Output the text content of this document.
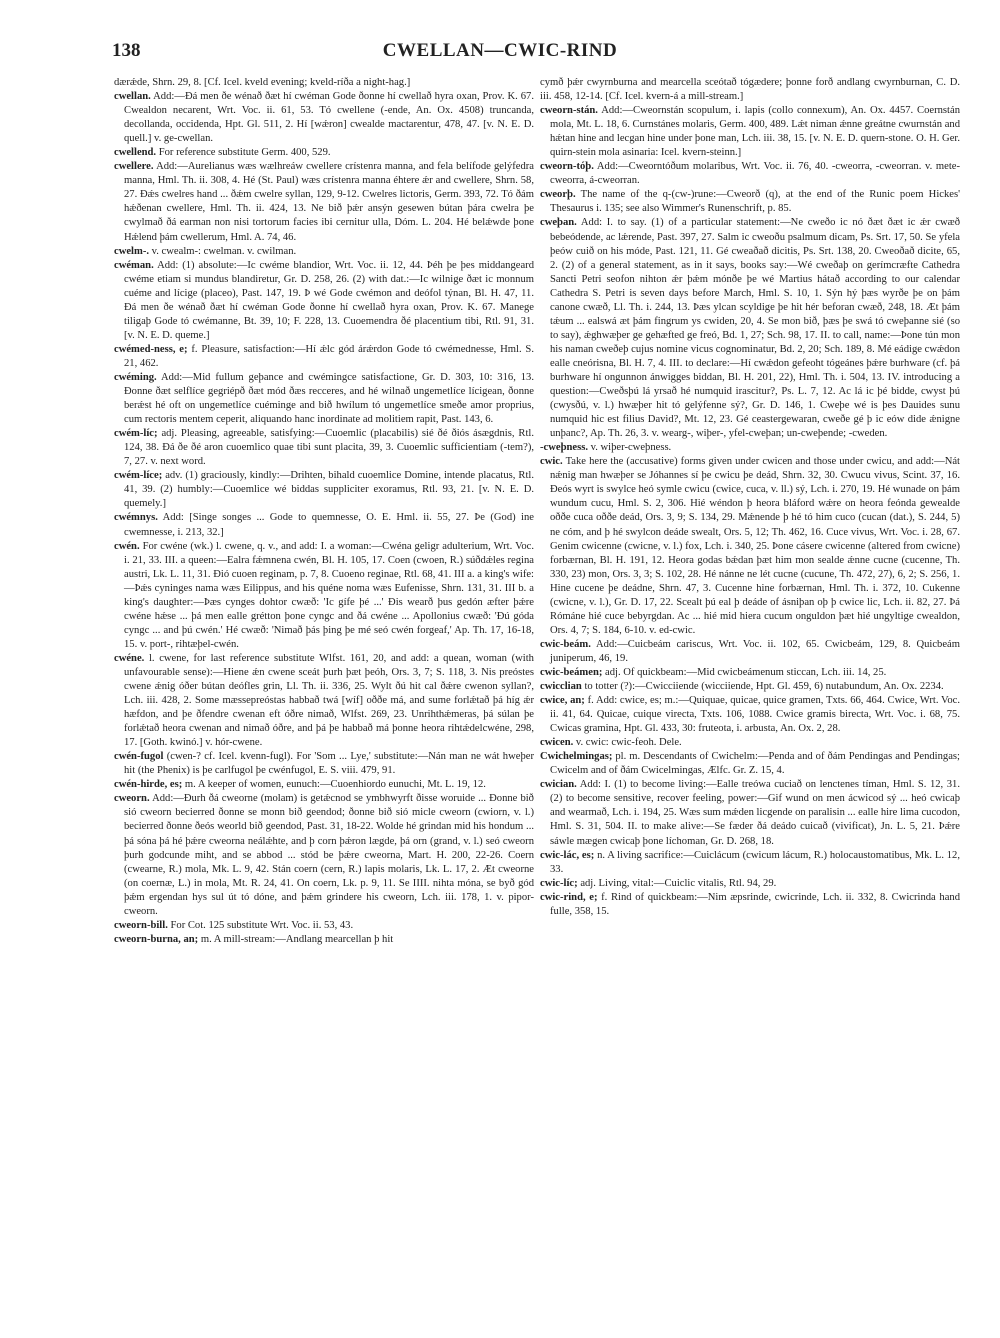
138	CWELLAN—CWIC-RIND

dærǽde, Shrn. 29, 8. [Cf. Icel. kveld evening; kveld-ríða a night-hag.]

cwellan. Add:—Ðá men ðe wénað ðæt hí cwéman Gode ðonne hí cwellað hyra oxan, Prov. K. 67. Cwealdon necarent, Wrt. Voc. ii. 61, 53. Tó cwellene (-ende, An. Ox. 4508) truncanda, decollanda, occidenda, Hpt. Gl. 511, 2. Hí [wǽron] cwealde mactarentur, 478, 47. [v. N. E. D. quell.] v. ge-cwellan.

cwellend. For reference substitute Germ. 400, 529.

cwellere. Add:—Aurelianus wæs wælhreáw cwellere crístenra manna, and fela belífode gelýfedra manna, Hml. Th. ii. 308, 4. Hé (St. Paul) wæs crístenra manna éhtere ǽr and cwellere, Shrn. 58, 27. Ðǽs cwelres hand ... ðǽm cwelre syllan, 129, 9-12. Cwelres lictoris, Germ. 393, 72. Tó ðám hǽðenan cwellere, Hml. Th. ii. 424, 13. Ne bið þǽr ansýn gesewen bútan þára cwelra þe cwylmað ðá earman non nisi tortorum facies ibi cernitur ulla, Dóm. L. 204. Hé belǽwde þone Hǽlend þám cwellerum, Hml. A. 74, 46.

cwelm-. v. cwealm-: cwelman. v. cwilman.

cwéman. Add: (1) absolute:—Ic cwéme blandior, Wrt. Voc. ii. 12, 44. Þéh þe þes middangeard cwéme etiam si mundus blandiretur, Gr. D. 258, 26. (2) with dat.:—Ic wilnige ðæt ic monnum cuéme and lícige (placeo), Past. 147, 19. Þ wé Gode cwémon and deófol týnan, Bl. H. 47, 11. Ðá men ðe wénað ðæt hí cwéman Gode ðonne hí cwellað hyra oxan, Prov. K. 67. Manege tiligaþ Gode tó cwémanne, Bt. 39, 10; F. 228, 13. Cuoemendra ðé placentium tibi, Rtl. 91, 31. [v. N. E. D. queme.]

cwémed-ness, e; f. Pleasure, satisfaction:—Hí ǽlc gód árǽrdon Gode tó cwémednesse, Hml. S. 21, 462.

cwéming. Add:—Mid fullum geþance and cwémingce satisfactione, Gr. D. 303, 10: 316, 13. Ðonne ðæt selflíce gegriépð ðæt mód ðæs recceres, and hé wilnað ungemetlíce lícigean, ðonne berǽst hé oft on ungemetlíce cuéminge and bið hwílum tó ungemetlíce smeðe amor proprius, cum rectoris mentem ceperit, aliquando hanc inordinate ad molitiem rapit, Past. 143, 6.

cwém-líc; adj. Pleasing, agreeable, satisfying:—Cuoemlic (placabilis) sié ðé ðiós ásægdnis, Rtl. 124, 38. Ðá ðe ðé aron cuoemlico quae tibi sunt placita, 39, 3. Cuoemlic sufficientiam (-tem?), 7, 27. v. next word.

cwém-líce; adv. (1) graciously, kindly:—Drihten, bihald cuoemlice Domine, intende placatus, Rtl. 41, 39. (2) humbly:—Cuoemlice wé biddas suppliciter exoramus, Rtl. 93, 21. [v. N. E. D. quemely.]

cwémnys. Add: [Singe songes ... Gode to quemnesse, O. E. Hml. ii. 55, 27. Þe (God) ine cwemnesse, i. 213, 32.]

cwén. For cwéne (wk.) l. cwene, q. v., and add: I. a woman:—Cwéna geligr adulterium, Wrt. Voc. i. 21, 33. III. a queen:—Ealra fǽmnena cwén, Bl. H. 105, 17. Coen (cwoen, R.) súðdǽles regina austri, Lk. L. 11, 31. Ðió cuoen reginam, p. 7, 8. Cuoeno reginae, Rtl. 68, 41. III a. a king's wife:—Þǽs cyninges nama wæs Eilippus, and his quéne noma wæs Eufenisse, Shrn. 131, 31. III b. a king's daughter:—Þæs cynges dohtor cwæð: 'Ic gífe þé ...' Ðis wearð þus gedón æfter þǽre cwéne hǽse ... þá men ealle grétton þone cyngc and ðá cwéne ... Apollonius cwæð: 'Ðú góda cyngc ... and þú cwén.' Hé cwæð: 'Nimað þás þing þe mé seó cwén forgeaf,' Ap. Th. 17, 16-18, 15. v. port-, rihtæþel-cwén.

cwéne. l. cwene, for last reference substitute Wlfst. 161, 20, and add: a quean, woman (with unfavourable sense):—Hiene ǽn cwene sceát þurh þæt þeóh, Ors. 3, 7; S. 118, 3. Nis preóstes cwene ǽnig óðer bútan deófles grin, Ll. Th. ii. 336, 25. Wylt ðú hit cal ðǽre cwenon syllan?, Lch. iii. 428, 2. Some mæssepreóstas habbað twá [wíf] oððe má, and sume forlǽtað þá híg ǽr hæfdon, and þe ðfendre cwenan eft óðre nimað, Wlfst. 269, 23. Unrihthǽmeras, þá súlan þe forlǽtað heora cwenan and nimað óðre, and þá þe habbað má þonne heora rihtǽdelcwéne, 298, 17. [Goth. kwinó.] v. hór-cwene.

cwén-fugol (cwen-? cf. Icel. kvenn-fugl). For 'Som ... Lye,' substitute:—Nán man ne wát hweþer hit (the Phenix) is þe carlfugol þe cwénfugol, E. S. viii. 479, 91.

cwén-hirde, es; m. A keeper of women, eunuch:—Cuoenhiordo eunuchi, Mt. L. 19, 12.

cweorn. Add:—Ðurh ðá cweorne (molam) is getǽcnod se ymbhwyrft ðisse woruide ... Ðonne bið sió cweorn becierred ðonne se monn bið geendod; ðonne bið sió micle cweorn (cwiorn, v. l.) becierred ðonne ðeós weorld bið geendod, Past. 31, 18-22. Wolde hé grindan mid his hondum ... þá sóna þá hé þǽre cweorna neálǽhte, and þ corn þǽron lægde, þá orn (grand, v. l.) seó cweorn þurh godcunde miht, and se abbod ... stód be þǽre cweorna, Mart. H. 200, 22-26. Coern (cwearne, R.) mola, Mk. L. 9, 42. Stán coern (cern, R.) lapis molaris, Lk. L. 17, 2. Æt cweorne (on coernæ, L.) in mola, Mt. R. 24, 41. On coern, Lk. p. 9, 11. Se IIII. nihta mónа, se byð gód þǽm ergendan hys sul út tó dóne, and þǽm grinderе his cweorn, Lch. iii. 178, 1. v. pipor-cweorn.

cweorn-bill. For Cot. 125 substitute Wrt. Voc. ii. 53, 43.

cweorn-burna, an; m. A mill-stream:—Andlang mearcellan þ hit

cymð þǽr cwyrnburna and mearcella sceótað tógædere; þonne forð andlang cwyrnburnan, C. D. iii. 458, 12-14. [Cf. Icel. kvern-á a mill-stream.]

cweorn-stán. Add:—Cweornstán scopulum, i. lapis (collo connexum), An. Ox. 4457. Coernstán mola, Mt. L. 18, 6. Curnstánes molaris, Germ. 400, 489. Lǽt niman ǽnne greátne cwurnstán and hǽtan hine and lecgan hine under þone man, Lch. iii. 38, 15. [v. N. E. D. quern-stone. O. H. Ger. quirn-stein mola asinaria: Icel. kvern-steinn.]

cweorn-tóþ. Add:—Cweorntóðum molaribus, Wrt. Voc. ii. 76, 40. -cweorra, -cweorran. v. mete-cweorra, á-cweorran.

cweorþ. The name of the q-(cw-)rune:—Cweorð (q), at the end of the Runic poem Hickes' Thesaurus i. 135; see also Wimmer's Runenschrift, p. 85.

cweþan. Add: I. to say. (1) of a particular statement:—Ne cweðo ic nó ðæt ðæt ic ǽr cwæð bebeódende, ac lǽrende, Past. 397, 27. Salm ic cweoðu psalmum dicam, Ps. Srt. 17, 50. Se yfela þeów cuið on his móde, Past. 121, 11. Gé cweaðað dicitis, Ps. Srt. 138, 20. Cweoðað dicite, 65, 2. (2) of a general statement, as in it says, books say:—Wé cweðaþ on gerímcræfte Cathedra Sancti Petri seofon nihton ǽr þǽm mónðe þe wé Martius hátað according to our calendar Cathedra S. Petri is seven days before March, Hml. S. 10, 1. Sýn hý þæs wyrðe þe on þám canone cwæð, Ll. Th. i. 244, 13. Þæs ylcan scyldige þe hit hér beforan cwæð, 248, 18. Æt þám tǽum ... ealswá æt þám fingrum ys cwiden, 20, 4. Se mon bið, þæs þe swá tó cweþanne sié (so to say), ǽghwæþer ge gehæfted ge freó, Bd. 1, 27; Sch. 98, 17. II. to call, name:—Þone tún mon his naman cweðeþ cujus nomine vicus cognominatur, Bd. 2, 20; Sch. 189, 8. Mé eádige cwǽdon ealle cneórisna, Bl. H. 7, 4. III. to declare:—Hí cwǽdon gefeoht tógeánes þǽre burhware (cf. þá burhware hí ongunnon ánwigges biddan, Bl. H. 201, 22), Hml. Th. i. 504, 13. IV. introducing a question:—Cweðsþú lá yrsað hé numquid irascitur?, Ps. L. 7, 12. Ac lá ic þé bidde, cwyst þú (cwysðú, v. l.) hwæþer hit tó gelýfenne sý?, Gr. D. 146, 1. Cweþe wé is þes Dauides sunu numquid hic est filius David?, Mt. 12, 23. Gé ceastergewaran, cweðe gé þ ic eów dide ǽnigne unþanc?, Ap. Th. 26, 3. v. wearg-, wiþer-, yfel-cweþan; un-cweþende; -cweden.

-cweþness. v. wiþer-cweþness.

cwic. Take here the (accusative) forms given under cwicen and those under cwicu, and add:—Nát nǽnig man hwæþer se Jóhannes sí þe cwicu þe deád, Shrn. 32, 30. Cwucu vivus, Scint. 37, 16. Ðeós wyrt is swylce heó symle cwicu (cwice, cuca, v. ll.) sý, Lch. i. 270, 19. Hé wunade on þám wundum cucu, Hml. S. 2, 306. Hié wéndon þ heora bláford wǽre on heora feónda gewealde oððe cuca oððe deád, Ors. 3, 9; S. 134, 29. Mǽnende þ hé tó him cuco (cucan (dat.), S. 244, 5) ne cóm, and þ hé swylcon deáde swealt, Ors. 5, 12; Th. 462, 16. Cuce vivus, Wrt. Voc. i. 28, 67. Genim cwicenne (cwicne, v. l.) fox, Lch. i. 340, 25. Þone cásere cwicenne (altered from cwicne) forbærnan, Bl. H. 191, 12. Heora godas bǽdan þæt him mon sealde ǽnne cucne (cucenne, Th. 330, 23) mon, Ors. 3, 3; S. 102, 28. Hé nánne ne lét cucne (cucune, Th. 472, 27), 6, 2; S. 256, 1. Hine cucene þe deádne, Shrn. 47, 3. Cucenne hine forbærnan, Hml. Th. i. 372, 10. Cukenne (cwicne, v. l.), Gr. D. 17, 22. Scealt þú eal þ deáde of ásniþan oþ þ cwice lic, Lch. ii. 82, 27. Þá Rómáne hié cuce bebyrgdan. Ac ... hié mid hiera cucum onguldon þæt hié ungyltige cwealdon, Ors. 4, 7; S. 184, 6-10. v. ed-cwic.

cwic-beám. Add:—Cuicbeám cariscus, Wrt. Voc. ii. 102, 65. Cwicbeám, 129, 8. Quicbeám juniperum, 46, 19.

cwic-beámen; adj. Of quickbeam:—Mid cwicbeámenum sticcan, Lch. iii. 14, 25.

cwicclian to totter (?):—Cwicciiende (wicciiende, Hpt. Gl. 459, 6) nutabundum, An. Ox. 2234.

cwice, an; f. Add: cwice, es; m.:—Quiquae, quicae, quice gramen, Txts. 66, 464. Cwice, Wrt. Voc. ii. 41, 64. Quicae, cuique virecta, Txts. 106, 1088. Cwice gramis birecta, Wrt. Voc. i. 68, 75. Cwicas gramina, Hpt. Gl. 433, 30: fruteota, i. arbusta, An. Ox. 2, 28.

cwicen. v. cwic: cwic-feoh. Dele.

Cwichelmingas; pl. m. Descendants of Cwichelm:—Penda and of ðám Pendingas and Pendingas; Cwicelm and of ðám Cwicelmingas, Ælfc. Gr. Z. 15, 4.

cwician. Add: I. (1) to become living:—Ealle treówa cuciað on lenctenes tíman, Hml. S. 12, 31. (2) to become sensitive, recover feeling, power:—Gif wund on men ácwicod sý ... heó cwicaþ and wearmað, Lch. i. 194, 25. Wæs sum mǽden licgende on paralisin ... ealle hire lima cucodon, Hml. S. 31, 504. II. to make alive:—Se fæder ðá deádo cuicað (vivificat), Jn. L. 5, 21. Þǽre sáwle mægen cwicaþ þone líchoman, Gr. D. 268, 18.

cwic-lác, es; n. A living sacrifice:—Cuiclácum (cwicum lácum, R.) holocaustomatibus, Mk. L. 12, 33.

cwic-líc; adj. Living, vital:—Cuiclic vitalis, Rtl. 94, 29.

cwic-rind, e; f. Rind of quickbeam:—Nim æpsrinde, cwicrinde, Lch. ii. 332, 8. Cwicrinda hand fulle, 358, 15.
